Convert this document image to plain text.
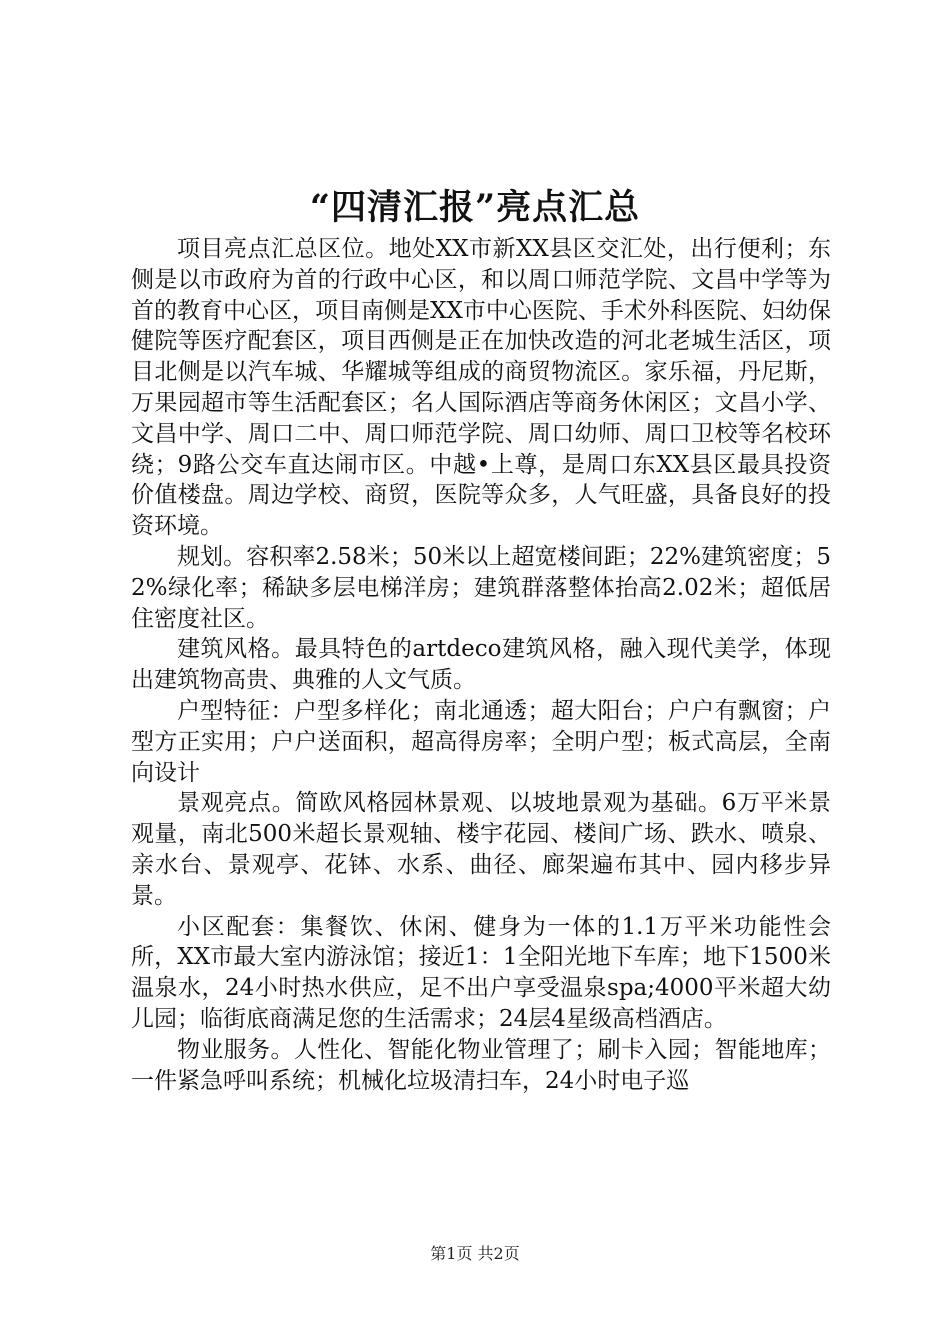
“四清汇报”亮点汇总

项目亮点汇总区位。地处XX市新XX县区交汇处，出行便利；东侧是以市政府为首的行政中心区，和以周口师范学院、文昌中学等为首的教育中心区，项目南侧是XX市中心医院、手术外科医院、妇幼保健院等医疗配套区，项目西侧是正在加快改造的河北老城生活区，项目北侧是以汽车城、华耀城等组成的商贸物流区。家乐福，丹尼斯，万果园超市等生活配套区；名人国际酒店等商务休闲区；文昌小学、文昌中学、周口二中、周口师范学院、周口幼师、周口卫校等名校环绕；9路公交车直达闹市区。中越•上尊，是周口东XX县区最具投资价值楼盘。周边学校、商贸，医院等众多，人气旺盛，具备良好的投资环境。

规划。容积率2.58米；50米以上超宽楼间距；22%建筑密度；52%绿化率；稀缺多层电梯洋房；建筑群落整体抬高2.02米；超低居住密度社区。

建筑风格。最具特色的artdeco建筑风格，融入现代美学，体现出建筑物高贵、典雅的人文气质。

户型特征：户型多样化；南北通透；超大阳台；户户有飘窗；户型方正实用；户户送面积，超高得房率；全明户型；板式高层，全南向设计

景观亮点。简欧风格园林景观、以坡地景观为基础。6万平米景观量，南北500米超长景观轴、楼宇花园、楼间广场、跌水、喷泉、亲水台、景观亭、花钵、水系、曲径、廊架遍布其中、园内移步异景。

小区配套：集餐饮、休闲、健身为一体的1.1万平米功能性会所，XX市最大室内游泳馆；接近1：1全阳光地下车库；地下1500米温泉水，24小时热水供应，足不出户享受温泉spa;4000平米超大幼儿园；临街底商满足您的生活需求；24层4星级高档酒店。

物业服务。人性化、智能化物业管理了；刷卡入园；智能地库；一件紧急呼叫系统；机械化垃圾清扫车，24小时电子巡

第1页 共2页
